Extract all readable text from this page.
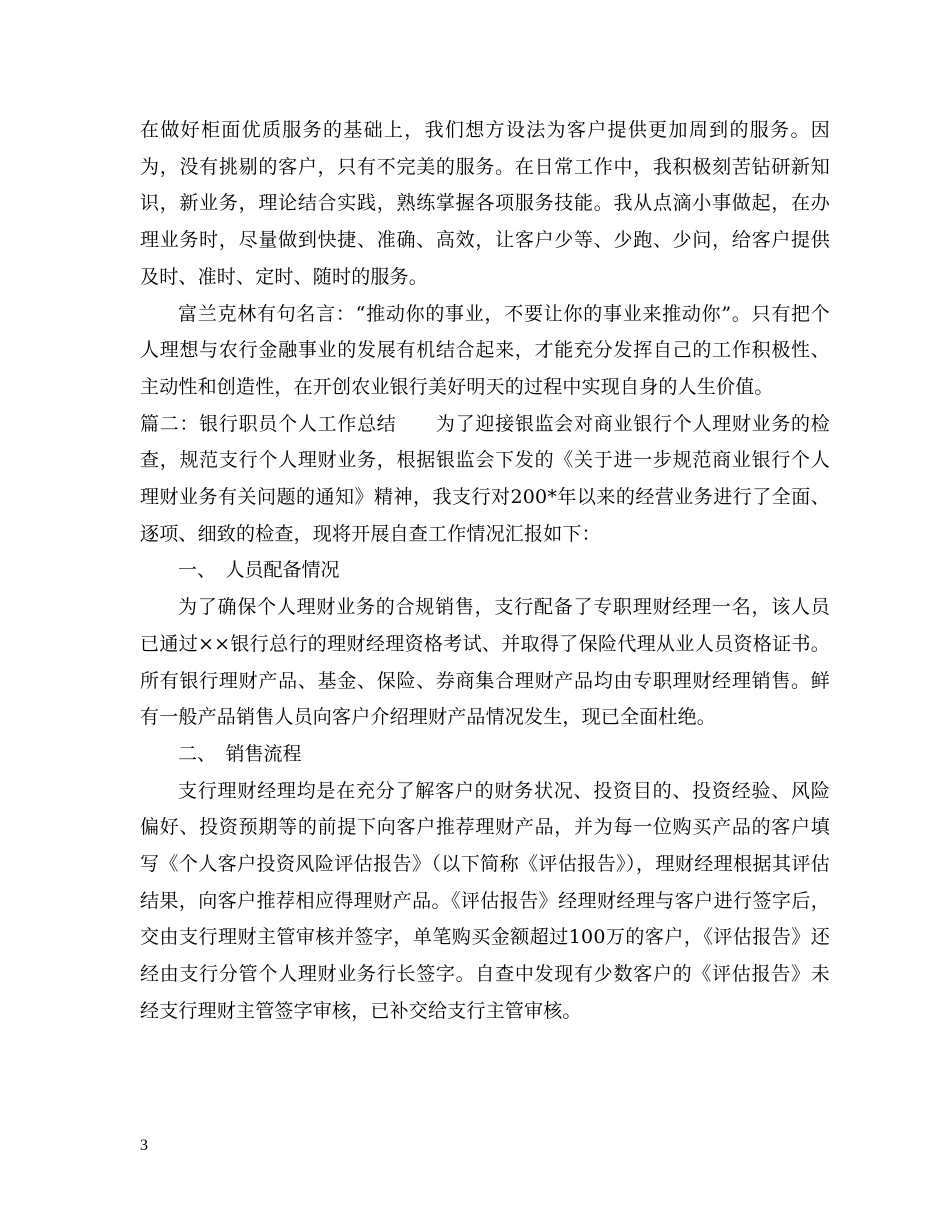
在做好柜面优质服务的基础上，我们想方设法为客户提供更加周到的服务。因为，没有挑剔的客户，只有不完美的服务。在日常工作中，我积极刻苦钻研新知识，新业务，理论结合实践，熟练掌握各项服务技能。我从点滴小事做起，在办理业务时，尽量做到快捷、准确、高效，让客户少等、少跑、少问，给客户提供及时、准时、定时、随时的服务。

富兰克林有句名言：“推动你的事业，不要让你的事业来推动你”。只有把个人理想与农行金融事业的发展有机结合起来，才能充分发挥自己的工作积极性、主动性和创造性，在开创农业银行美好明天的过程中实现自身的人生价值。

篇二：银行职员个人工作总结　　为了迎接银监会对商业银行个人理财业务的检查，规范支行个人理财业务，根据银监会下发的《关于进一步规范商业银行个人理财业务有关问题的通知》精神，我支行对200*年以来的经营业务进行了全面、逐项、细致的检查，现将开展自查工作情况汇报如下：

一、　人员配备情况

为了确保个人理财业务的合规销售，支行配备了专职理财经理一名，该人员已通过××银行总行的理财经理资格考试、并取得了保险代理从业人员资格证书。所有银行理财产品、基金、保险、券商集合理财产品均由专职理财经理销售。鲜有一般产品销售人员向客户介绍理财产品情况发生，现已全面杜绝。

二、　销售流程

支行理财经理均是在充分了解客户的财务状况、投资目的、投资经验、风险偏好、投资预期等的前提下向客户推荐理财产品，并为每一位购买产品的客户填写《个人客户投资风险评估报告》（以下简称《评估报告》），理财经理根据其评估结果，向客户推荐相应得理财产品。《评估报告》经理财经理与客户进行签字后，交由支行理财主管审核并签字，单笔购买金额超过100万的客户，《评估报告》还经由支行分管个人理财业务行长签字。自查中发现有少数客户的《评估报告》未经支行理财主管签字审核，已补交给支行主管审核。

3
